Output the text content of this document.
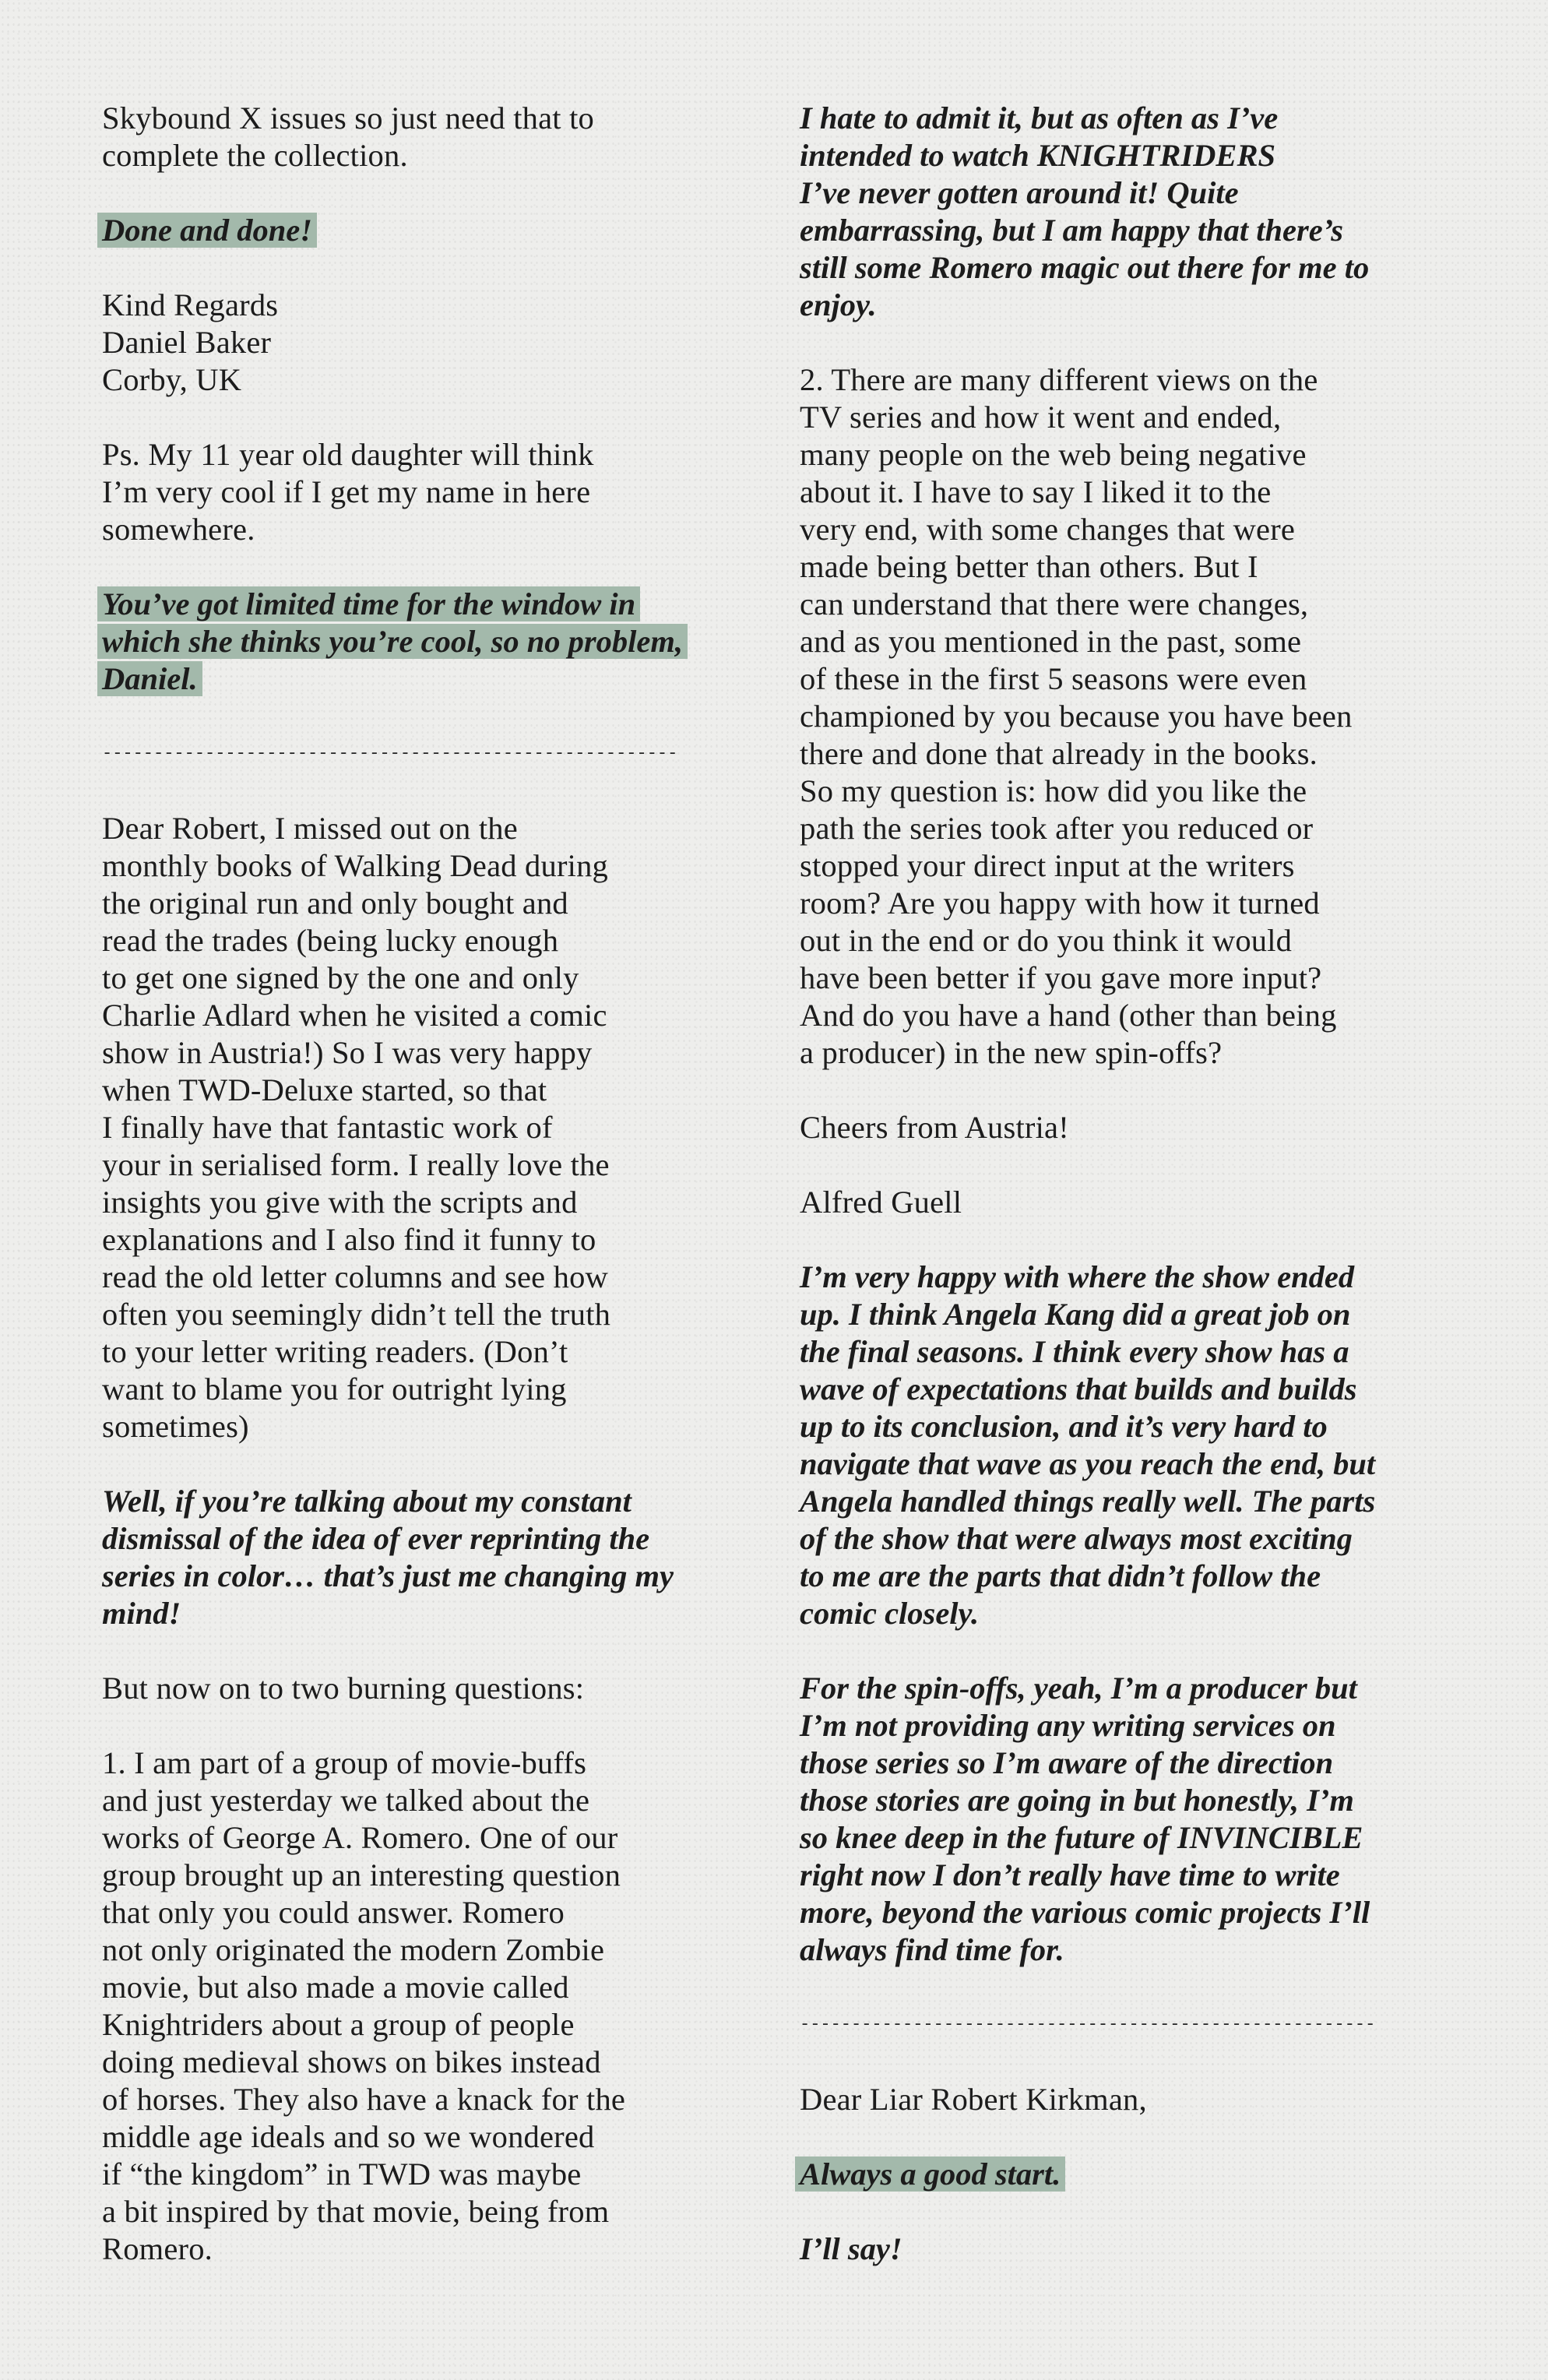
Skybound X issues so just need that to
complete the collection.

Done and done!

Kind Regards
Daniel Baker
Corby, UK

Ps. My 11 year old daughter will think
I’m very cool if I get my name in here
somewhere.

You’ve got limited time for the window in
which she thinks you’re cool, so no problem,
Daniel.

--------------------------------------------------------

Dear Robert, I missed out on the
monthly books of Walking Dead during
the original run and only bought and
read the trades (being lucky enough
to get one signed by the one and only
Charlie Adlard when he visited a comic
show in Austria!) So I was very happy
when TWD-Deluxe started, so that
I finally have that fantastic work of
your in serialised form. I really love the
insights you give with the scripts and
explanations and I also find it funny to
read the old letter columns and see how
often you seemingly didn’t tell the truth
to your letter writing readers. (Don’t
want to blame you for outright lying
sometimes)

Well, if you’re talking about my constant
dismissal of the idea of ever reprinting the
series in color… that’s just me changing my
mind!

But now on to two burning questions:

1. I am part of a group of movie-buffs
and just yesterday we talked about the
works of George A. Romero. One of our
group brought up an interesting question
that only you could answer. Romero
not only originated the modern Zombie
movie, but also made a movie called
Knightriders about a group of people
doing medieval shows on bikes instead
of horses. They also have a knack for the
middle age ideals and so we wondered
if “the kingdom” in TWD was maybe
a bit inspired by that movie, being from
Romero.

I hate to admit it, but as often as I’ve
intended to watch KNIGHTRIDERS
I’ve never gotten around it! Quite
embarrassing, but I am happy that there’s
still some Romero magic out there for me to
enjoy.

2. There are many different views on the
TV series and how it went and ended,
many people on the web being negative
about it. I have to say I liked it to the
very end, with some changes that were
made being better than others. But I
can understand that there were changes,
and as you mentioned in the past, some
of these in the first 5 seasons were even
championed by you because you have been
there and done that already in the books.
So my question is: how did you like the
path the series took after you reduced or
stopped your direct input at the writers
room? Are you happy with how it turned
out in the end or do you think it would
have been better if you gave more input?
And do you have a hand (other than being
a producer) in the new spin-offs?

Cheers from Austria!

Alfred Guell

I’m very happy with where the show ended
up. I think Angela Kang did a great job on
the final seasons. I think every show has a
wave of expectations that builds and builds
up to its conclusion, and it’s very hard to
navigate that wave as you reach the end, but
Angela handled things really well. The parts
of the show that were always most exciting
to me are the parts that didn’t follow the
comic closely.

For the spin-offs, yeah, I’m a producer but
I’m not providing any writing services on
those series so I’m aware of the direction
those stories are going in but honestly, I’m
so knee deep in the future of INVINCIBLE
right now I don’t really have time to write
more, beyond the various comic projects I’ll
always find time for.

--------------------------------------------------------

Dear Liar Robert Kirkman,

Always a good start.

I’ll say!
